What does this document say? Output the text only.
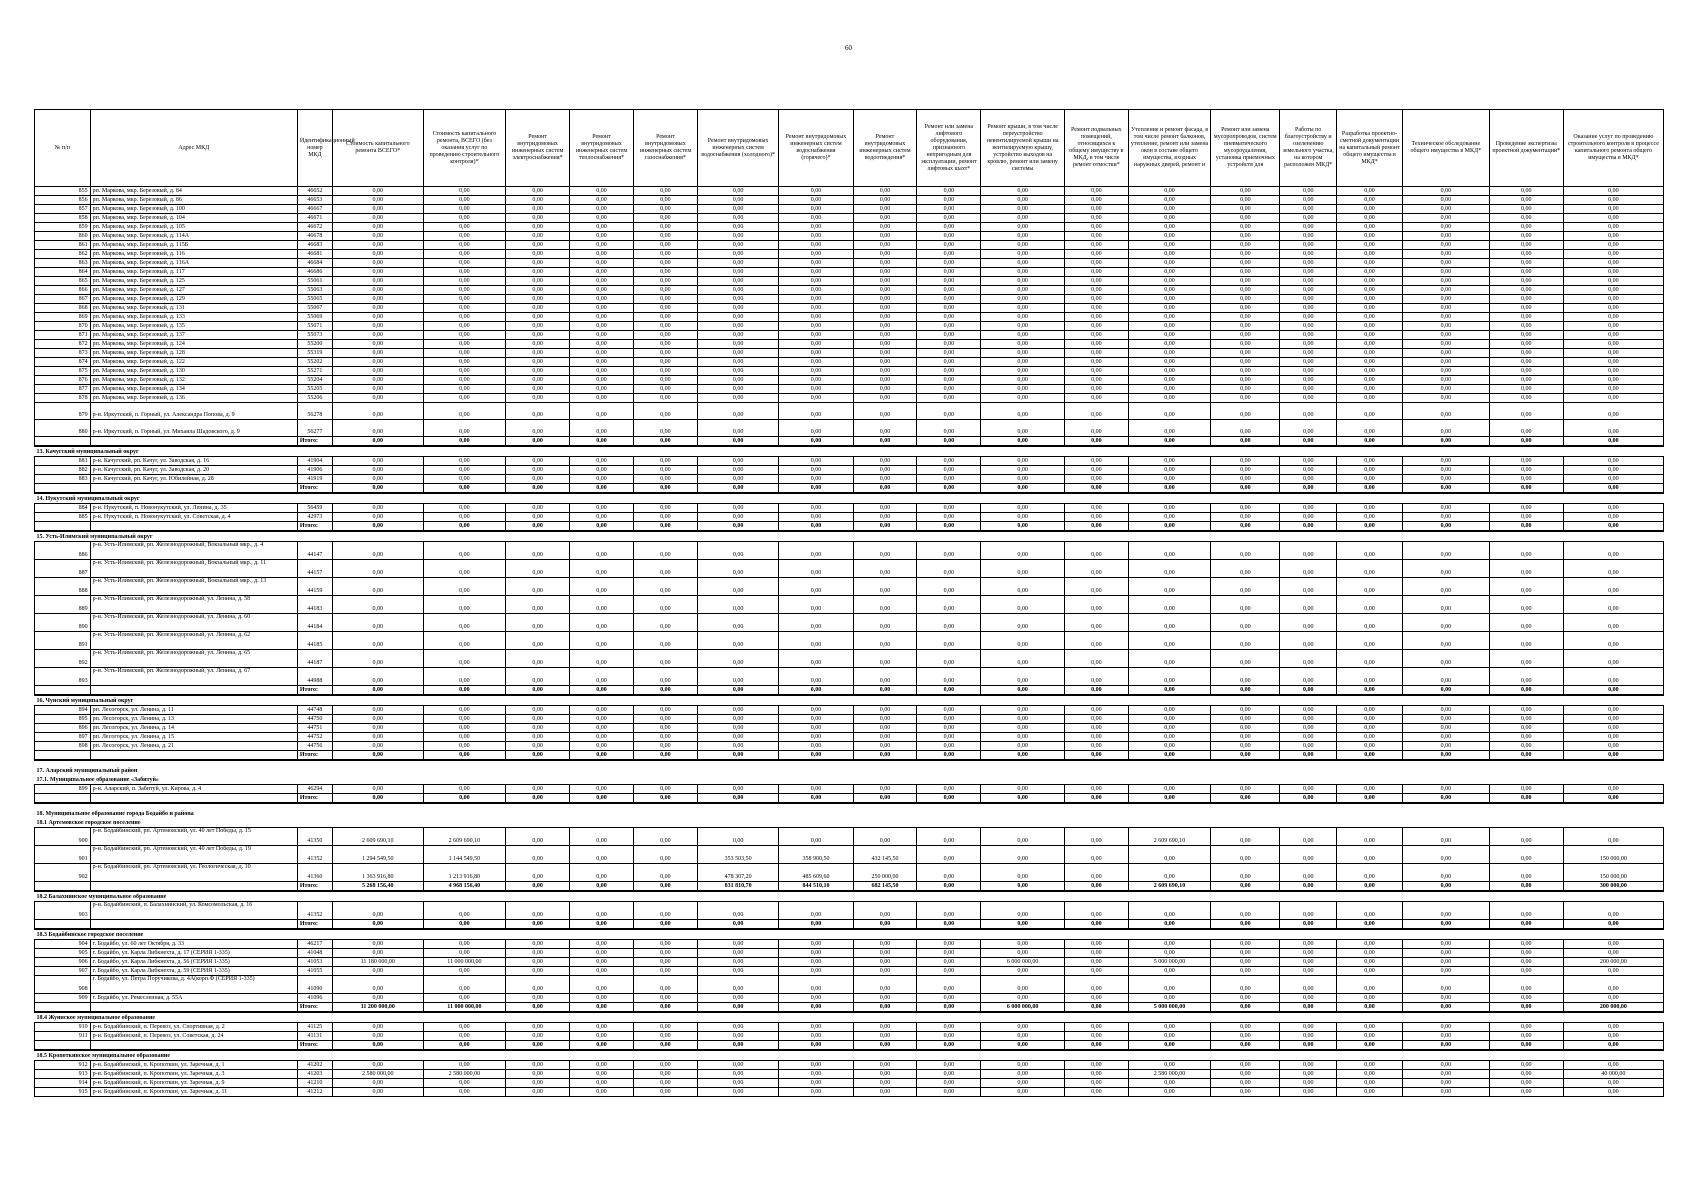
60
№ п/п	Адрес МКД	Идентификационный номер МКД	Стоимость капитального ремонта ВСЕГО*	Стоимость капитального ремонта, ВСЕГО (без оказания услуг по проведению строительного контроля)*	Ремонт внутридомовых инженерных систем электроснабжения*	Ремонт внутридомовых инженерных систем теплоснабжения*	Ремонт внутридомовых инженерных систем газоснабжения*	Ремонт внутридомовых инженерных систем водоснабжения (холодного)*	Ремонт внутридомовых инженерных систем водоснабжения (горячего)*	Ремонт внутридомовых инженерных систем водоотведения*	Ремонт или замена лифтового оборудования, признанного непригодным для эксплуатации, ремонт лифтовых шахт*	Ремонт крыши, в том числе переустройство невентилируемой крыши на вентилируемую крышу, устройство выходов на кровлю, ремонт или замену системы	Ремонт подвальных помещений, относящихся к общему имуществу в МКД, в том числе ремонт отмостки*	Утепление и ремонт фасада, в том числе ремонт балконов, утепление, ремонт или замена окон в составе общего имущества, входных наружных дверей, ремонт и	Ремонт или замена мусоропроводов, систем пневматического мусороудаления, установка приемочных устройств для	Работы по благоустройству и озеленению земельного участка, на котором расположен МКД*	Разработка проектно-сметной документации на капитальный ремонт общего имущества в МКД*	Техническое обследование общего имущества в МКД*	Проведение экспертизы проектной документации*	Оказание услуг по проведению строительного контроля в процессе капитального ремонта общего имущества в МКД*
855	рп. Маркова, мкр. Березовый, д. 84	46652	0,00	0,00	0,00	0,00	0,00	0,00	0,00	0,00	0,00	0,00	0,00	0,00	0,00	0,00	0,00	0,00	0,00	0,00
856	рп. Маркова, мкр. Березовый, д. 86	46653	0,00	0,00	0,00	0,00	0,00	0,00	0,00	0,00	0,00	0,00	0,00	0,00	0,00	0,00	0,00	0,00	0,00	0,00
857	рп. Маркова, мкр. Березовый, д. 100	46667	0,00	0,00	0,00	0,00	0,00	0,00	0,00	0,00	0,00	0,00	0,00	0,00	0,00	0,00	0,00	0,00	0,00	0,00
858	рп. Маркова, мкр. Березовый, д. 104	46671	0,00	0,00	0,00	0,00	0,00	0,00	0,00	0,00	0,00	0,00	0,00	0,00	0,00	0,00	0,00	0,00	0,00	0,00
859	рп. Маркова, мкр. Березовый, д. 105	46672	0,00	0,00	0,00	0,00	0,00	0,00	0,00	0,00	0,00	0,00	0,00	0,00	0,00	0,00	0,00	0,00	0,00	0,00
860	рп. Маркова, мкр. Березовый, д. 114А	46678	0,00	0,00	0,00	0,00	0,00	0,00	0,00	0,00	0,00	0,00	0,00	0,00	0,00	0,00	0,00	0,00	0,00	0,00
861	рп. Маркова, мкр. Березовый, д. 115Б	46683	0,00	0,00	0,00	0,00	0,00	0,00	0,00	0,00	0,00	0,00	0,00	0,00	0,00	0,00	0,00	0,00	0,00	0,00
862	рп. Маркова, мкр. Березовый, д. 116	46681	0,00	0,00	0,00	0,00	0,00	0,00	0,00	0,00	0,00	0,00	0,00	0,00	0,00	0,00	0,00	0,00	0,00	0,00
863	рп. Маркова, мкр. Березовый, д. 116А	46684	0,00	0,00	0,00	0,00	0,00	0,00	0,00	0,00	0,00	0,00	0,00	0,00	0,00	0,00	0,00	0,00	0,00	0,00
864	рп. Маркова, мкр. Березовый, д. 117	46686	0,00	0,00	0,00	0,00	0,00	0,00	0,00	0,00	0,00	0,00	0,00	0,00	0,00	0,00	0,00	0,00	0,00	0,00
865	рп. Маркова, мкр. Березовый, д. 125	55061	0,00	0,00	0,00	0,00	0,00	0,00	0,00	0,00	0,00	0,00	0,00	0,00	0,00	0,00	0,00	0,00	0,00	0,00
866	рп. Маркова, мкр. Березовый, д. 127	55063	0,00	0,00	0,00	0,00	0,00	0,00	0,00	0,00	0,00	0,00	0,00	0,00	0,00	0,00	0,00	0,00	0,00	0,00
867	рп. Маркова, мкр. Березовый, д. 129	55065	0,00	0,00	0,00	0,00	0,00	0,00	0,00	0,00	0,00	0,00	0,00	0,00	0,00	0,00	0,00	0,00	0,00	0,00
868	рп. Маркова, мкр. Березовый, д. 131	55067	0,00	0,00	0,00	0,00	0,00	0,00	0,00	0,00	0,00	0,00	0,00	0,00	0,00	0,00	0,00	0,00	0,00	0,00
869	рп. Маркова, мкр. Березовый, д. 133	55069	0,00	0,00	0,00	0,00	0,00	0,00	0,00	0,00	0,00	0,00	0,00	0,00	0,00	0,00	0,00	0,00	0,00	0,00
870	рп. Маркова, мкр. Березовый, д. 135	55071	0,00	0,00	0,00	0,00	0,00	0,00	0,00	0,00	0,00	0,00	0,00	0,00	0,00	0,00	0,00	0,00	0,00	0,00
871	рп. Маркова, мкр. Березовый, д. 137	55073	0,00	0,00	0,00	0,00	0,00	0,00	0,00	0,00	0,00	0,00	0,00	0,00	0,00	0,00	0,00	0,00	0,00	0,00
872	рп. Маркова, мкр. Березовый, д. 124	55200	0,00	0,00	0,00	0,00	0,00	0,00	0,00	0,00	0,00	0,00	0,00	0,00	0,00	0,00	0,00	0,00	0,00	0,00
873	рп. Маркова, мкр. Березовый, д. 128	55319	0,00	0,00	0,00	0,00	0,00	0,00	0,00	0,00	0,00	0,00	0,00	0,00	0,00	0,00	0,00	0,00	0,00	0,00
874	рп. Маркова, мкр. Березовый, д. 122	55202	0,00	0,00	0,00	0,00	0,00	0,00	0,00	0,00	0,00	0,00	0,00	0,00	0,00	0,00	0,00	0,00	0,00	0,00
875	рп. Маркова, мкр. Березовый, д. 130	55271	0,00	0,00	0,00	0,00	0,00	0,00	0,00	0,00	0,00	0,00	0,00	0,00	0,00	0,00	0,00	0,00	0,00	0,00
876	рп. Маркова, мкр. Березовый, д. 132	55204	0,00	0,00	0,00	0,00	0,00	0,00	0,00	0,00	0,00	0,00	0,00	0,00	0,00	0,00	0,00	0,00	0,00	0,00
877	рп. Маркова, мкр. Березовый, д. 134	55205	0,00	0,00	0,00	0,00	0,00	0,00	0,00	0,00	0,00	0,00	0,00	0,00	0,00	0,00	0,00	0,00	0,00	0,00
878	рп. Маркова, мкр. Березовый, д. 136	55206	0,00	0,00	0,00	0,00	0,00	0,00	0,00	0,00	0,00	0,00	0,00	0,00	0,00	0,00	0,00	0,00	0,00	0,00
879	р-н. Иркутский, п. Горный, ул. Александра Попова, д. 9	56278	0,00	0,00	0,00	0,00	0,00	0,00	0,00	0,00	0,00	0,00	0,00	0,00	0,00	0,00	0,00	0,00	0,00	0,00
880	р-н. Иркутский, п. Горный, ул. Михаила Шадовского, д. 9	56277	0,00	0,00	0,00	0,00	0,00	0,00	0,00	0,00	0,00	0,00	0,00	0,00	0,00	0,00	0,00	0,00	0,00	0,00
		Итого:	0,00	0,00	0,00	0,00	0,00	0,00	0,00	0,00	0,00	0,00	0,00	0,00	0,00	0,00	0,00	0,00	0,00	0,00
13. Качугский муниципальный округ																				
881	р-н. Качугский, рп. Качуг, ул. Заводская, д. 16	41904	0,00	0,00	0,00	0,00	0,00	0,00	0,00	0,00	0,00	0,00	0,00	0,00	0,00	0,00	0,00	0,00	0,00	0,00
882	р-н. Качугский, рп. Качуг, ул. Заводская, д. 20	41906	0,00	0,00	0,00	0,00	0,00	0,00	0,00	0,00	0,00	0,00	0,00	0,00	0,00	0,00	0,00	0,00	0,00	0,00
883	р-н. Качугский, рп. Качуг, ул. Юбилейная, д. 28	41919	0,00	0,00	0,00	0,00	0,00	0,00	0,00	0,00	0,00	0,00	0,00	0,00	0,00	0,00	0,00	0,00	0,00	0,00
		Итого:	0,00	0,00	0,00	0,00	0,00	0,00	0,00	0,00	0,00	0,00	0,00	0,00	0,00	0,00	0,00	0,00	0,00	0,00
14. Нукутский муниципальный округ																				
884	р-н. Нукутский, п. Новонукутский, ул. Ленина, д. 35	56459	0,00	0,00	0,00	0,00	0,00	0,00	0,00	0,00	0,00	0,00	0,00	0,00	0,00	0,00	0,00	0,00	0,00	0,00
885	р-н. Нукутский, п. Новонукутский, ул. Советская, д. 4	42973	0,00	0,00	0,00	0,00	0,00	0,00	0,00	0,00	0,00	0,00	0,00	0,00	0,00	0,00	0,00	0,00	0,00	0,00
		Итого:	0,00	0,00	0,00	0,00	0,00	0,00	0,00	0,00	0,00	0,00	0,00	0,00	0,00	0,00	0,00	0,00	0,00	0,00
15. Усть-Илимский муниципальный округ																				
886	р-н. Усть-Илимский, рп. Железнодорожный, Вокзальный мкр., д. 4	44147	0,00	0,00	0,00	0,00	0,00	0,00	0,00	0,00	0,00	0,00	0,00	0,00	0,00	0,00	0,00	0,00	0,00	0,00
887	р-н. Усть-Илимский, рп. Железнодорожный, Вокзальный мкр., д. 11	44157	0,00	0,00	0,00	0,00	0,00	0,00	0,00	0,00	0,00	0,00	0,00	0,00	0,00	0,00	0,00	0,00	0,00	0,00
888	р-н. Усть-Илимский, рп. Железнодорожный, Вокзальный мкр., д. 13	44159	0,00	0,00	0,00	0,00	0,00	0,00	0,00	0,00	0,00	0,00	0,00	0,00	0,00	0,00	0,00	0,00	0,00	0,00
889	р-н. Усть-Илимский, рп. Железнодорожный, ул. Ленина, д. 58	44183	0,00	0,00	0,00	0,00	0,00	0,00	0,00	0,00	0,00	0,00	0,00	0,00	0,00	0,00	0,00	0,00	0,00	0,00
890	р-н. Усть-Илимский, рп. Железнодорожный, ул. Ленина, д. 60	44184	0,00	0,00	0,00	0,00	0,00	0,00	0,00	0,00	0,00	0,00	0,00	0,00	0,00	0,00	0,00	0,00	0,00	0,00
891	р-н. Усть-Илимский, рп. Железнодорожный, ул. Ленина, д. 62	44185	0,00	0,00	0,00	0,00	0,00	0,00	0,00	0,00	0,00	0,00	0,00	0,00	0,00	0,00	0,00	0,00	0,00	0,00
892	р-н. Усть-Илимский, рп. Железнодорожный, ул. Ленина, д. 65	44187	0,00	0,00	0,00	0,00	0,00	0,00	0,00	0,00	0,00	0,00	0,00	0,00	0,00	0,00	0,00	0,00	0,00	0,00
893	р-н. Усть-Илимский, рп. Железнодорожный, ул. Ленина, д. 67	44988	0,00	0,00	0,00	0,00	0,00	0,00	0,00	0,00	0,00	0,00	0,00	0,00	0,00	0,00	0,00	0,00	0,00	0,00
		Итого:	0,00	0,00	0,00	0,00	0,00	0,00	0,00	0,00	0,00	0,00	0,00	0,00	0,00	0,00	0,00	0,00	0,00	0,00
16. Чунский муниципальный округ																				
894	рп. Лесогорск, ул. Ленина, д. 11	44748	0,00	0,00	0,00	0,00	0,00	0,00	0,00	0,00	0,00	0,00	0,00	0,00	0,00	0,00	0,00	0,00	0,00	0,00
895	рп. Лесогорск, ул. Ленина, д. 13	44750	0,00	0,00	0,00	0,00	0,00	0,00	0,00	0,00	0,00	0,00	0,00	0,00	0,00	0,00	0,00	0,00	0,00	0,00
896	рп. Лесогорск, ул. Ленина, д. 14	44751	0,00	0,00	0,00	0,00	0,00	0,00	0,00	0,00	0,00	0,00	0,00	0,00	0,00	0,00	0,00	0,00	0,00	0,00
897	рп. Лесогорск, ул. Ленина, д. 15	44752	0,00	0,00	0,00	0,00	0,00	0,00	0,00	0,00	0,00	0,00	0,00	0,00	0,00	0,00	0,00	0,00	0,00	0,00
898	рп. Лесогорск, ул. Ленина, д. 21	44756	0,00	0,00	0,00	0,00	0,00	0,00	0,00	0,00	0,00	0,00	0,00	0,00	0,00	0,00	0,00	0,00	0,00	0,00
		Итого:	0,00	0,00	0,00	0,00	0,00	0,00	0,00	0,00	0,00	0,00	0,00	0,00	0,00	0,00	0,00	0,00	0,00	0,00

17. Аларский муниципальный район																				
17.1. Муниципальное образование «Забитуй»																				
899	р-н. Аларский, п. Забитуй, ул. Кирова, д. 4	46294	0,00	0,00	0,00	0,00	0,00	0,00	0,00	0,00	0,00	0,00	0,00	0,00	0,00	0,00	0,00	0,00	0,00	0,00
		Итого:	0,00	0,00	0,00	0,00	0,00	0,00	0,00	0,00	0,00	0,00	0,00	0,00	0,00	0,00	0,00	0,00	0,00	0,00

18. Муниципальное образование города Бодайбо и района																				
18.1 Артемовское городское поселение																				
900	р-н. Бодайбинский, рп. Артемовский, ул. 40 лет Победы, д. 15	41350	2 609 690,10	2 609 690,10	0,00	0,00	0,00	0,00	0,00	0,00	0,00	0,00	0,00	2 609 690,10	0,00	0,00	0,00	0,00	0,00	0,00
901	р-н. Бодайбинский, рп. Артемовский, ул. 40 лет Победы, д. 19	41352	1 294 549,50	1 144 549,50	0,00	0,00	0,00	353 503,50	358 900,50	432 145,50	0,00	0,00	0,00	0,00	0,00	0,00	0,00	0,00	0,00	150 000,00
902	р-н. Бодайбинский, рп. Артемовский, ул. Геологическая, д. 10	41360	1 363 916,80	1 213 916,80	0,00	0,00	0,00	478 307,20	485 609,60	250 000,00	0,00	0,00	0,00	0,00	0,00	0,00	0,00	0,00	0,00	150 000,00
		Итого:	5 268 156,40	4 968 156,40	0,00	0,00	0,00	831 810,70	844 510,10	682 145,50	0,00	0,00	0,00	2 609 690,10	0,00	0,00	0,00	0,00	0,00	300 000,00
18.2 Балахнинское муниципальное образование																				
903	р-н. Бодайбинский, п. Балахнинский, ул. Комсомольская, д. 16	41352	0,00	0,00	0,00	0,00	0,00	0,00	0,00	0,00	0,00	0,00	0,00	0,00	0,00	0,00	0,00	0,00	0,00	0,00
		Итого:	0,00	0,00	0,00	0,00	0,00	0,00	0,00	0,00	0,00	0,00	0,00	0,00	0,00	0,00	0,00	0,00	0,00	0,00
18.3 Бодайбинское городское поселение																				
904	г. Бодайбо, ул. 60 лет Октября, д. 33	46217	0,00	0,00	0,00	0,00	0,00	0,00	0,00	0,00	0,00	0,00	0,00	0,00	0,00	0,00	0,00	0,00	0,00	0,00
905	г. Бодайбо, ул. Карла Либкнехта, д. 17 (СЕРИЯ 1-335)	41048	0,00	0,00	0,00	0,00	0,00	0,00	0,00	0,00	0,00	0,00	0,00	0,00	0,00	0,00	0,00	0,00	0,00	0,00
906	г. Бодайбо, ул. Карла Либкнехта, д. 56 (СЕРИЯ 1-335)	41053	11 180 000,00	11 000 000,00	0,00	0,00	0,00	0,00	0,00	0,00	0,00	6 000 000,00	0,00	5 000 000,00	0,00	0,00	0,00	0,00	0,00	200 000,00
907	г. Бодайбо, ул. Карла Либкнехта, д. 59 (СЕРИЯ 1-335)	41055	0,00	0,00	0,00	0,00	0,00	0,00	0,00	0,00	0,00	0,00	0,00	0,00	0,00	0,00	0,00	0,00	0,00	0,00
908	г. Бодайбо, ул. Петра Поручикова, д. 4А(корп.Ф (СЕРИЯ 1-335)	41090	0,00	0,00	0,00	0,00	0,00	0,00	0,00	0,00	0,00	0,00	0,00	0,00	0,00	0,00	0,00	0,00	0,00	0,00
909	г. Бодайбо, ул. Ремесленная, д. 55А	41096	0,00	0,00	0,00	0,00	0,00	0,00	0,00	0,00	0,00	0,00	0,00	0,00	0,00	0,00	0,00	0,00	0,00	0,00
		Итого:	11 200 000,00	11 000 000,00	0,00	0,00	0,00	0,00	0,00	0,00	0,00	6 000 000,00	0,00	5 000 000,00	0,00	0,00	0,00	0,00	0,00	200 000,00
18.4 Жуинское муниципальное образование																				
910	р-н. Бодайбинский, п. Перевоз, ул. Спортивная, д. 2	41125	0,00	0,00	0,00	0,00	0,00	0,00	0,00	0,00	0,00	0,00	0,00	0,00	0,00	0,00	0,00	0,00	0,00	0,00
911	р-н. Бодайбинский, п. Перевоз, ул. Советская, д. 24	41131	0,00	0,00	0,00	0,00	0,00	0,00	0,00	0,00	0,00	0,00	0,00	0,00	0,00	0,00	0,00	0,00	0,00	0,00
		Итого:	0,00	0,00	0,00	0,00	0,00	0,00	0,00	0,00	0,00	0,00	0,00	0,00	0,00	0,00	0,00	0,00	0,00	0,00
18.5 Кропоткинское муниципальное образование																				
912	р-н. Бодайбинский, п. Кропоткин, ул. Заречная, д. 1	41202	0,00	0,00	0,00	0,00	0,00	0,00	0,00	0,00	0,00	0,00	0,00	0,00	0,00	0,00	0,00	0,00	0,00	0,00
913	р-н. Бодайбинский, п. Кропоткин, ул. Заречная, д. 3	41203	2 580 000,00	2 580 000,00	0,00	0,00	0,00	0,00	0,00	0,00	0,00	0,00	0,00	2 580 000,00	0,00	0,00	0,00	0,00	0,00	40 000,00
914	р-н. Бодайбинский, п. Кропоткин, ул. Заречная, д. 9	41210	0,00	0,00	0,00	0,00	0,00	0,00	0,00	0,00	0,00	0,00	0,00	0,00	0,00	0,00	0,00	0,00	0,00	0,00
915	р-н. Бодайбинский, п. Кропоткин, ул. Заречная, д. 11	41212	0,00	0,00	0,00	0,00	0,00	0,00	0,00	0,00	0,00	0,00	0,00	0,00	0,00	0,00	0,00	0,00	0,00	0,00
